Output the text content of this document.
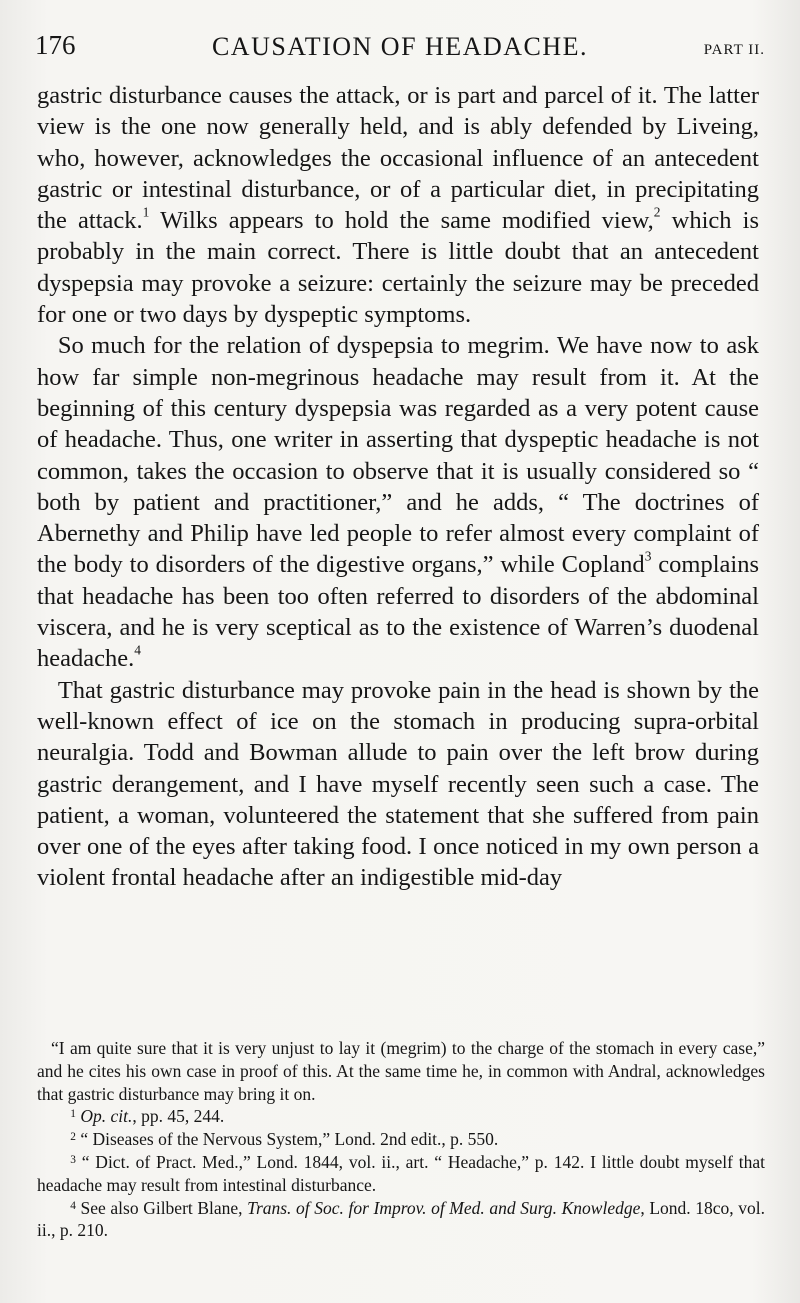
176	CAUSATION OF HEADACHE.	PART II.

gastric disturbance causes the attack, or is part and parcel of it. The latter view is the one now generally held, and is ably defended by Liveing, who, however, acknowledges the occasional influence of an antecedent gastric or intestinal disturbance, or of a particular diet, in precipitating the attack.$^1$ Wilks appears to hold the same modified view,$^2$ which is probably in the main correct. There is little doubt that an antecedent dyspepsia may provoke a seizure: certainly the seizure may be preceded for one or two days by dyspeptic symptoms.

So much for the relation of dyspepsia to megrim. We have now to ask how far simple non-megrinous headache may result from it. At the beginning of this century dyspepsia was regarded as a very potent cause of headache. Thus, one writer in asserting that dyspeptic headache is not common, takes the occasion to observe that it is usually considered so “ both by patient and practitioner,” and he adds, “ The doctrines of Abernethy and Philip have led people to refer almost every complaint of the body to disorders of the digestive organs,” while Copland$^3$ complains that headache has been too often referred to disorders of the abdominal viscera, and he is very sceptical as to the existence of Warren’s duodenal headache.$^4$

That gastric disturbance may provoke pain in the head is shown by the well-known effect of ice on the stomach in producing supra-orbital neuralgia. Todd and Bowman allude to pain over the left brow during gastric derangement, and I have myself recently seen such a case. The patient, a woman, volunteered the statement that she suffered from pain over one of the eyes after taking food. I once noticed in my own person a violent frontal headache after an indigestible mid-day

“I am quite sure that it is very unjust to lay it (megrim) to the charge of the stomach in every case,” and he cites his own case in proof of this. At the same time he, in common with Andral, acknowledges that gastric disturbance may bring it on.

$^1$ Op. cit., pp. 45, 244.

$^2$ “ Diseases of the Nervous System,” Lond. 2nd edit., p. 550.

$^3$ “ Dict. of Pract. Med.,” Lond. 1844, vol. ii., art. “ Headache,” p. 142. I little doubt myself that headache may result from intestinal disturbance.

$^4$ See also Gilbert Blane, Trans. of Soc. for Improv. of Med. and Surg. Knowledge, Lond. 18co, vol. ii., p. 210.
